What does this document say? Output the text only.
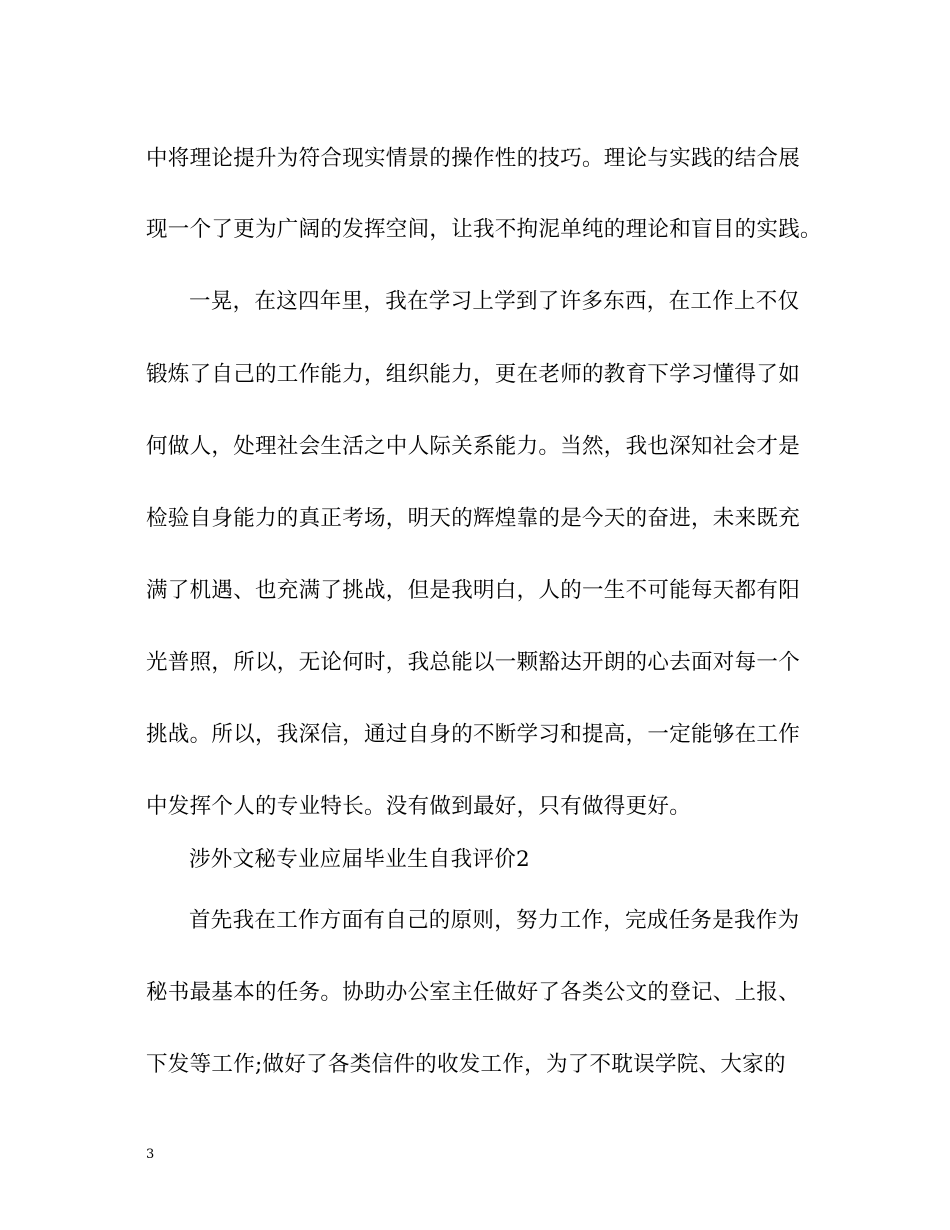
中将理论提升为符合现实情景的操作性的技巧。理论与实践的结合展
现一个了更为广阔的发挥空间，让我不拘泥单纯的理论和盲目的实践。
一晃，在这四年里，我在学习上学到了许多东西，在工作上不仅
锻炼了自己的工作能力，组织能力，更在老师的教育下学习懂得了如
何做人，处理社会生活之中人际关系能力。当然，我也深知社会才是
检验自身能力的真正考场，明天的辉煌靠的是今天的奋进，未来既充
满了机遇、也充满了挑战，但是我明白，人的一生不可能每天都有阳
光普照，所以，无论何时，我总能以一颗豁达开朗的心去面对每一个
挑战。所以，我深信，通过自身的不断学习和提高，一定能够在工作
中发挥个人的专业特长。没有做到最好，只有做得更好。
涉外文秘专业应届毕业生自我评价2
首先我在工作方面有自己的原则，努力工作，完成任务是我作为
秘书最基本的任务。协助办公室主任做好了各类公文的登记、上报、
下发等工作;做好了各类信件的收发工作，为了不耽误学院、大家的
3
